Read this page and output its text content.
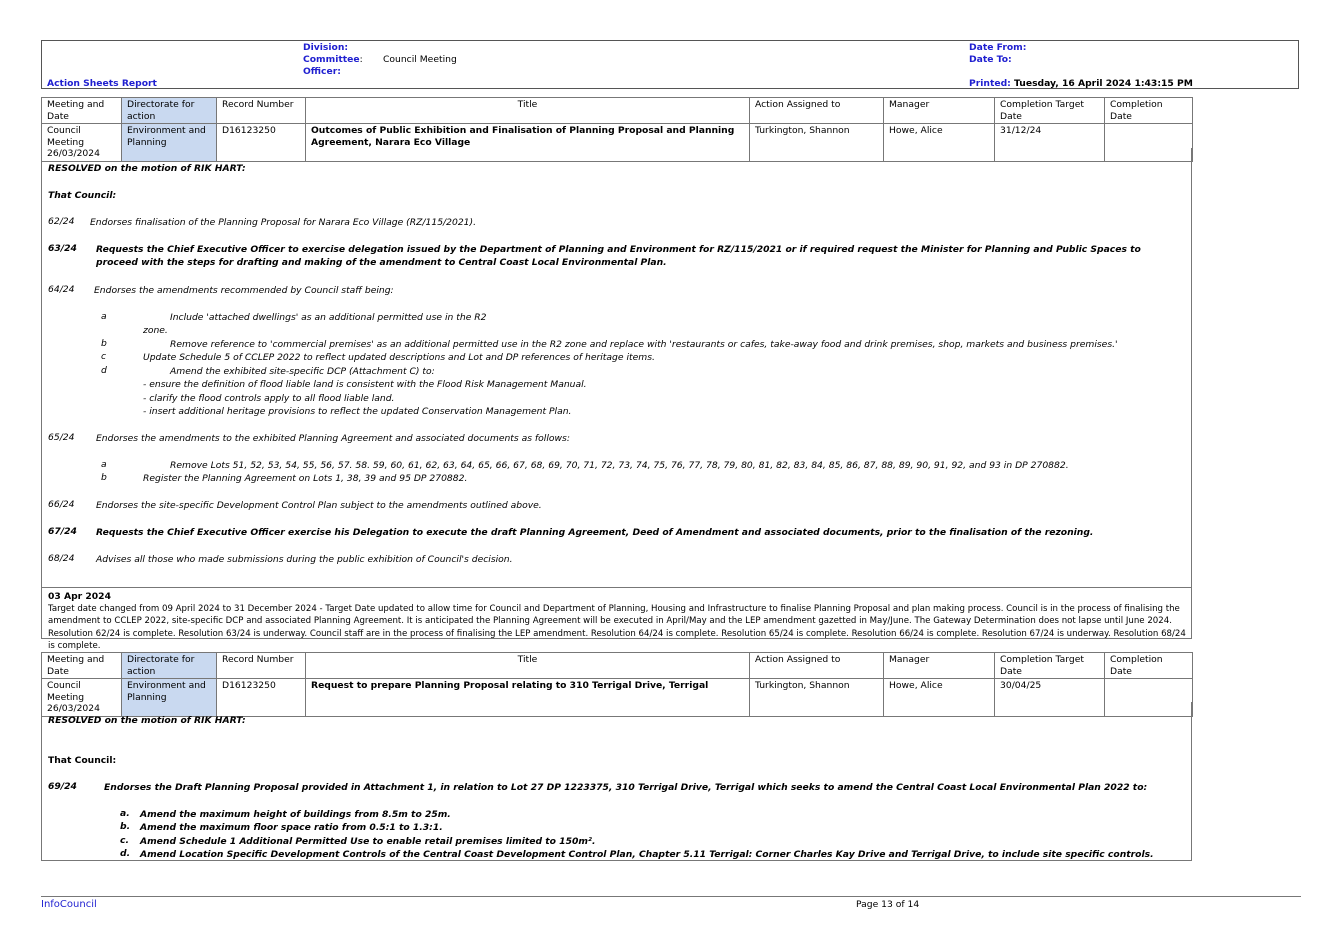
Division:
Committee: Council Meeting
Officer:
Date From:
Date To:
Action Sheets Report	Printed: Tuesday, 16 April 2024 1:43:15 PM
Meeting and Date	Directorate for action	Record Number	Title	Action Assigned to	Manager	Completion Target Date	Completion Date
Council Meeting 26/03/2024	Environment and Planning	D16123250	Outcomes of Public Exhibition and Finalisation of Planning Proposal and Planning Agreement, Narara Eco Village	Turkington, Shannon	Howe, Alice	31/12/24	
RESOLVED on the motion of RIK HART:
That Council:
62/24 Endorses finalisation of the Planning Proposal for Narara Eco Village (RZ/115/2021).
63/24 Requests the Chief Executive Officer to exercise delegation issued by the Department of Planning and Environment for RZ/115/2021 or if required request the Minister for Planning and Public Spaces to proceed with the steps for drafting and making of the amendment to Central Coast Local Environmental Plan.
64/24 Endorses the amendments recommended by Council staff being:
a	Include 'attached dwellings' as an additional permitted use in the R2
zone.
b	Remove reference to 'commercial premises' as an additional permitted use in the R2 zone and replace with 'restaurants or cafes, take-away food and drink premises, shop, markets and business premises.'
c	Update Schedule 5 of CCLEP 2022 to reflect updated descriptions and Lot and DP references of heritage items.
d	Amend the exhibited site-specific DCP (Attachment C) to:
- ensure the definition of flood liable land is consistent with the Flood Risk Management Manual.
- clarify the flood controls apply to all flood liable land.
- insert additional heritage provisions to reflect the updated Conservation Management Plan.
65/24 Endorses the amendments to the exhibited Planning Agreement and associated documents as follows:
a	Remove Lots 51, 52, 53, 54, 55, 56, 57. 58. 59, 60, 61, 62, 63, 64, 65, 66, 67, 68, 69, 70, 71, 72, 73, 74, 75, 76, 77, 78, 79, 80, 81, 82, 83, 84, 85, 86, 87, 88, 89, 90, 91, 92, and 93 in DP 270882.
b	Register the Planning Agreement on Lots 1, 38, 39 and 95 DP 270882.
66/24 Endorses the site-specific Development Control Plan subject to the amendments outlined above.
67/24 Requests the Chief Executive Officer exercise his Delegation to execute the draft Planning Agreement, Deed of Amendment and associated documents, prior to the finalisation of the rezoning.
68/24 Advises all those who made submissions during the public exhibition of Council's decision.
03 Apr 2024
Target date changed from 09 April 2024 to 31 December 2024 - Target Date updated to allow time for Council and Department of Planning, Housing and Infrastructure to finalise Planning Proposal and plan making process. Council is in the process of finalising the amendment to CCLEP 2022, site-specific DCP and associated Planning Agreement. It is anticipated the Planning Agreement will be executed in April/May and the LEP amendment gazetted in May/June. The Gateway Determination does not lapse until June 2024. Resolution 62/24 is complete. Resolution 63/24 is underway. Council staff are in the process of finalising the LEP amendment. Resolution 64/24 is complete. Resolution 65/24 is complete. Resolution 66/24 is complete. Resolution 67/24 is underway. Resolution 68/24 is complete.
Meeting and Date	Directorate for action	Record Number	Title	Action Assigned to	Manager	Completion Target Date	Completion Date
Council Meeting 26/03/2024	Environment and Planning	D16123250	Request to prepare Planning Proposal relating to 310 Terrigal Drive, Terrigal	Turkington, Shannon	Howe, Alice	30/04/25	
RESOLVED on the motion of RIK HART:
That Council:
69/24	Endorses the Draft Planning Proposal provided in Attachment 1, in relation to Lot 27 DP 1223375, 310 Terrigal Drive, Terrigal which seeks to amend the Central Coast Local Environmental Plan 2022 to:
a. Amend the maximum height of buildings from 8.5m to 25m.
b. Amend the maximum floor space ratio from 0.5:1 to 1.3:1.
c. Amend Schedule 1 Additional Permitted Use to enable retail premises limited to 150m².
d. Amend Location Specific Development Controls of the Central Coast Development Control Plan, Chapter 5.11 Terrigal: Corner Charles Kay Drive and Terrigal Drive, to include site specific controls.
InfoCouncil	Page 13 of 14
